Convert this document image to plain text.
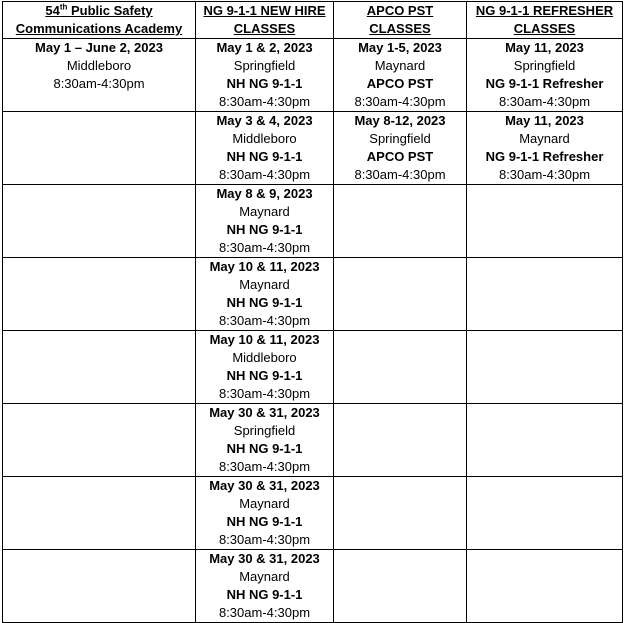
54th Public Safety Communications Academy	NG 9-1-1 NEW HIRE CLASSES	APCO PST CLASSES	NG 9-1-1 REFRESHER CLASSES

May 1 – June 2, 2023
Middleboro
8:30am-4:30pm	May 1 & 2, 2023
Springfield
NH NG 9-1-1
8:30am-4:30pm	May 1-5, 2023
Maynard
APCO PST
8:30am-4:30pm	May 11, 2023
Springfield
NG 9-1-1 Refresher
8:30am-4:30pm

	May 3 & 4, 2023
Middleboro
NH NG 9-1-1
8:30am-4:30pm	May 8-12, 2023
Springfield
APCO PST
8:30am-4:30pm	May 11, 2023
Maynard
NG 9-1-1 Refresher
8:30am-4:30pm

	May 8 & 9, 2023
Maynard
NH NG 9-1-1
8:30am-4:30pm		

	May 10 & 11, 2023
Maynard
NH NG 9-1-1
8:30am-4:30pm		

	May 10 & 11, 2023
Middleboro
NH NG 9-1-1
8:30am-4:30pm		

	May 30 & 31, 2023
Springfield
NH NG 9-1-1
8:30am-4:30pm		

	May 30 & 31, 2023
Maynard
NH NG 9-1-1
8:30am-4:30pm		

	May 30 & 31, 2023
Maynard
NH NG 9-1-1
8:30am-4:30pm		
